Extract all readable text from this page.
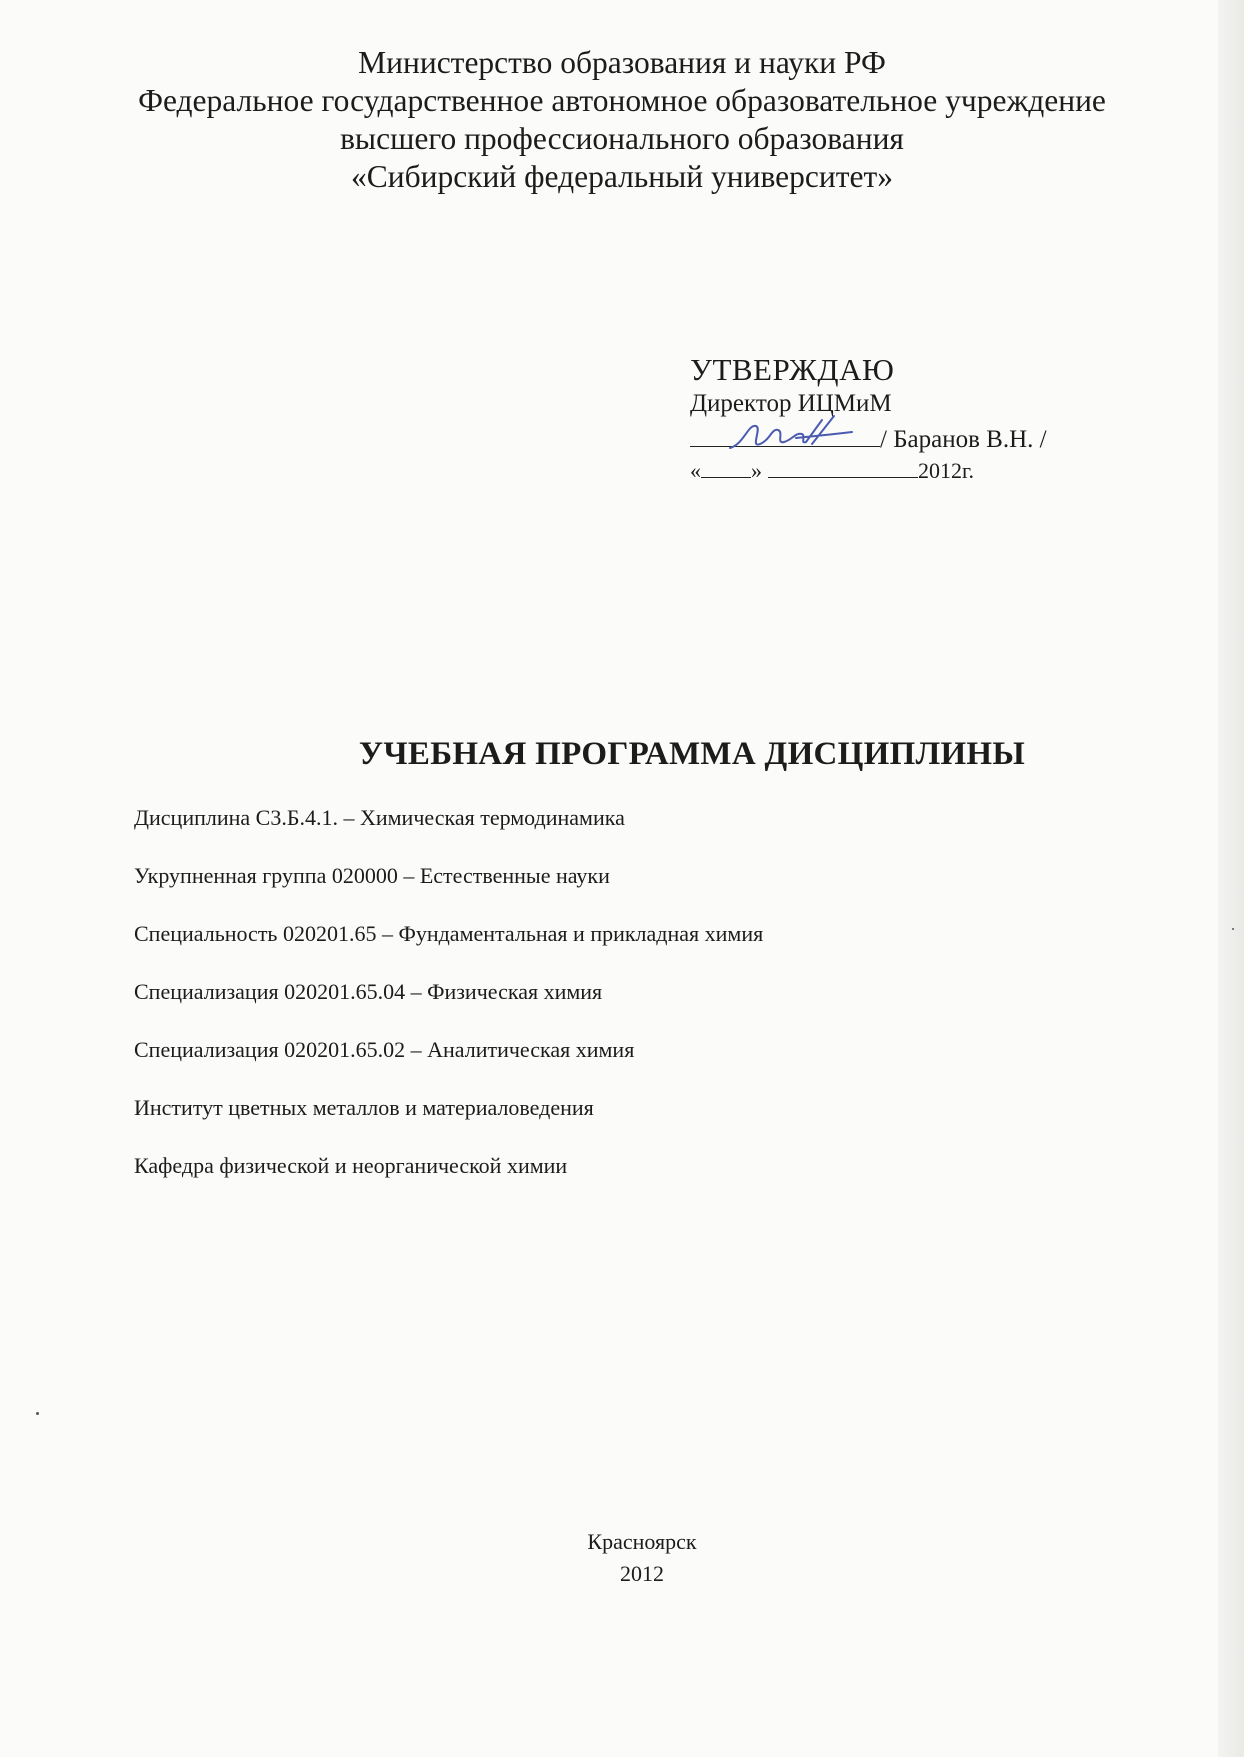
Министерство образования и науки РФ
Федеральное государственное автономное образовательное учреждение
высшего профессионального образования
«Сибирский федеральный университет»
УТВЕРЖДАЮ
Директор ИЦМиМ
/ Баранов В.Н. /
« »	2012г.
УЧЕБНАЯ ПРОГРАММА ДИСЦИПЛИНЫ
Дисциплина С3.Б.4.1. – Химическая термодинамика
Укрупненная группа 020000 – Естественные науки
Специальность 020201.65 – Фундаментальная и прикладная химия
Специализация 020201.65.04 – Физическая химия
Специализация 020201.65.02 – Аналитическая химия
Институт цветных металлов и материаловедения
Кафедра физической и неорганической химии
Красноярск
2012
